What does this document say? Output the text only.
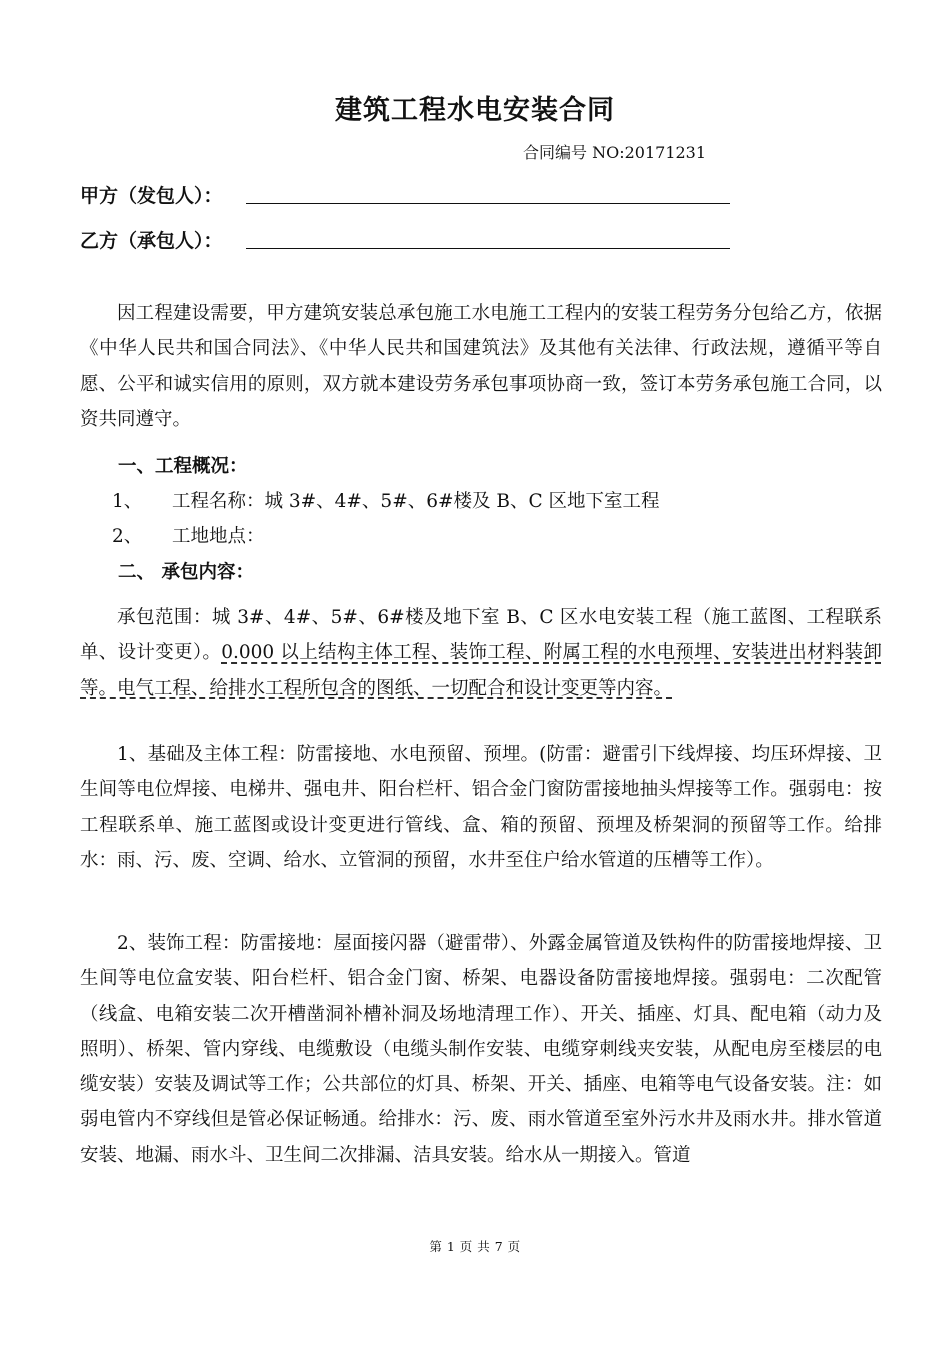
建筑工程水电安装合同
合同编号 NO:20171231
甲方（发包人）：
乙方（承包人）：

因工程建设需要，甲方建筑安装总承包施工水电施工工程内的安装工程劳务分包给乙方，依据《中华人民共和国合同法》、《中华人民共和国建筑法》及其他有关法律、行政法规，遵循平等自愿、公平和诚实信用的原则，双方就本建设劳务承包事项协商一致，签订本劳务承包施工合同，以资共同遵守。

一、工程概况：
1、 工程名称：城 3#、4#、5#、6#楼及 B、C 区地下室工程
2、 工地地点：
二、 承包内容：

承包范围：城 3#、4#、5#、6#楼及地下室 B、C 区水电安装工程（施工蓝图、工程联系单、设计变更）。0.000 以上结构主体工程、装饰工程、附属工程的水电预埋、安装进出材料装卸等。电气工程、给排水工程所包含的图纸、一切配合和设计变更等内容。

1、基础及主体工程：防雷接地、水电预留、预埋。(防雷：避雷引下线焊接、均压环焊接、卫生间等电位焊接、电梯井、强电井、阳台栏杆、铝合金门窗防雷接地抽头焊接等工作。强弱电：按工程联系单、施工蓝图或设计变更进行管线、盒、箱的预留、预埋及桥架洞的预留等工作。给排水：雨、污、废、空调、给水、立管洞的预留，水井至住户给水管道的压槽等工作）。

2、装饰工程：防雷接地：屋面接闪器（避雷带）、外露金属管道及铁构件的防雷接地焊接、卫生间等电位盒安装、阳台栏杆、铝合金门窗、桥架、电器设备防雷接地焊接。强弱电：二次配管（线盒、电箱安装二次开槽凿洞补槽补洞及场地清理工作）、开关、插座、灯具、配电箱（动力及照明）、桥架、管内穿线、电缆敷设（电缆头制作安装、电缆穿刺线夹安装，从配电房至楼层的电缆安装）安装及调试等工作；公共部位的灯具、桥架、开关、插座、电箱等电气设备安装。注：如弱电管内不穿线但是管必保证畅通。给排水：污、废、雨水管道至室外污水井及雨水井。排水管道安装、地漏、雨水斗、卫生间二次排漏、洁具安装。给水从一期接入。管道

第 1 页 共 7 页
